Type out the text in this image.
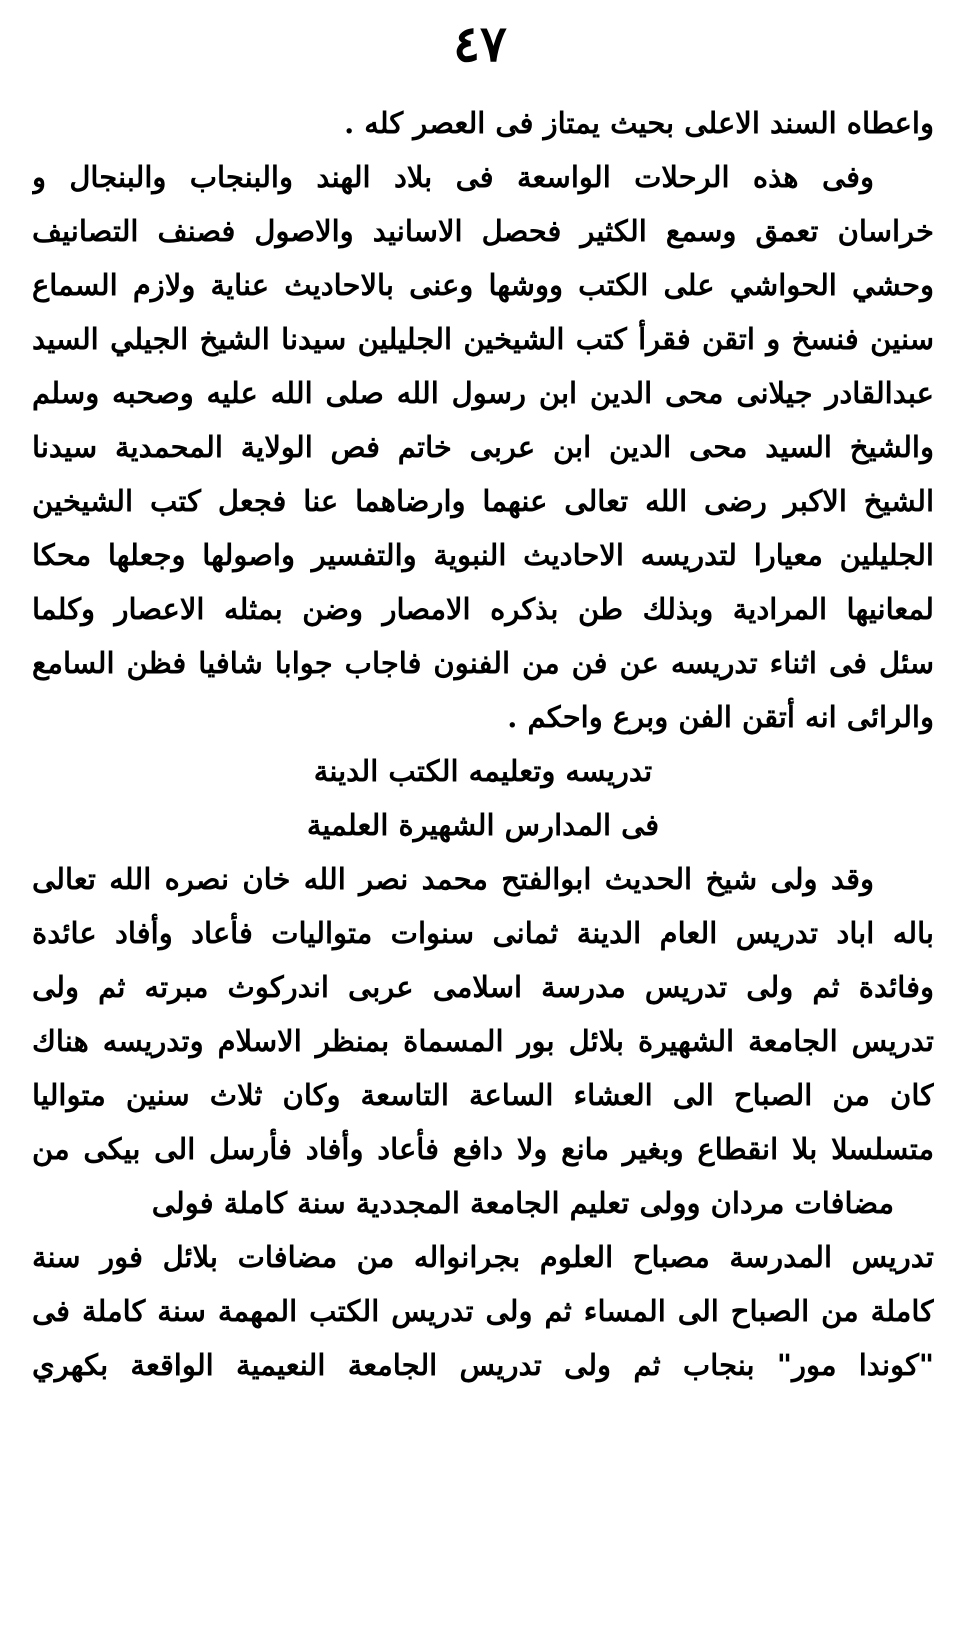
٤٧
واعطاه السند الاعلى بحيث يمتاز فى العصر كله .
وفى هذه الرحلات الواسعة فى بلاد الهند والبنجاب والبنجال و
خراسان تعمق وسمع الكثير فحصل الاسانيد والاصول فصنف التصانيف
وحشي الحواشي على الكتب ووشها وعنى بالاحاديث عناية ولازم السماع
سنين فنسخ و اتقن فقرأ كتب الشيخين الجليلين سيدنا الشيخ الجيلي السيد
عبدالقادر جيلانى محى الدين ابن رسول الله صلى الله عليه وصحبه وسلم
والشيخ السيد محى الدين ابن عربى خاتم فص الولاية المحمدية سيدنا
الشيخ الاكبر رضى الله تعالى عنهما وارضاهما عنا فجعل كتب الشيخين
الجليلين معيارا لتدريسه الاحاديث النبوية والتفسير واصولها وجعلها محكا
لمعانيها المرادية وبذلك طن بذكره الامصار وضن بمثله الاعصار وكلما
سئل فى اثناء تدريسه عن فن من الفنون فاجاب جوابا شافيا فظن السامع
والرائى انه أتقن الفن وبرع واحكم .
تدريسه وتعليمه الكتب الدينة
فى المدارس الشهيرة العلمية
وقد ولى شيخ الحديث ابوالفتح محمد نصر الله خان نصره الله تعالى
باله اباد تدريس العام الدينة ثمانى سنوات متواليات فأعاد وأفاد عائدة
وفائدة ثم ولى تدريس مدرسة اسلامى عربى اندركوث مبرته ثم ولى
تدريس الجامعة الشهيرة بلائل بور المسماة بمنظر الاسلام وتدريسه هناك
كان من الصباح الى العشاء الساعة التاسعة وكان ثلاث سنين متواليا
متسلسلا بلا انقطاع وبغير مانع ولا دافع فأعاد وأفاد فأرسل الى بيكى من
مضافات مردان وولى تعليم الجامعة المجددية سنة كاملة فولى
تدريس المدرسة مصباح العلوم بجرانواله من مضافات بلائل فور سنة
كاملة من الصباح الى المساء ثم ولى تدريس الكتب المهمة سنة كاملة فى
"كوندا مور" بنجاب ثم ولى تدريس الجامعة النعيمية الواقعة بكهري
